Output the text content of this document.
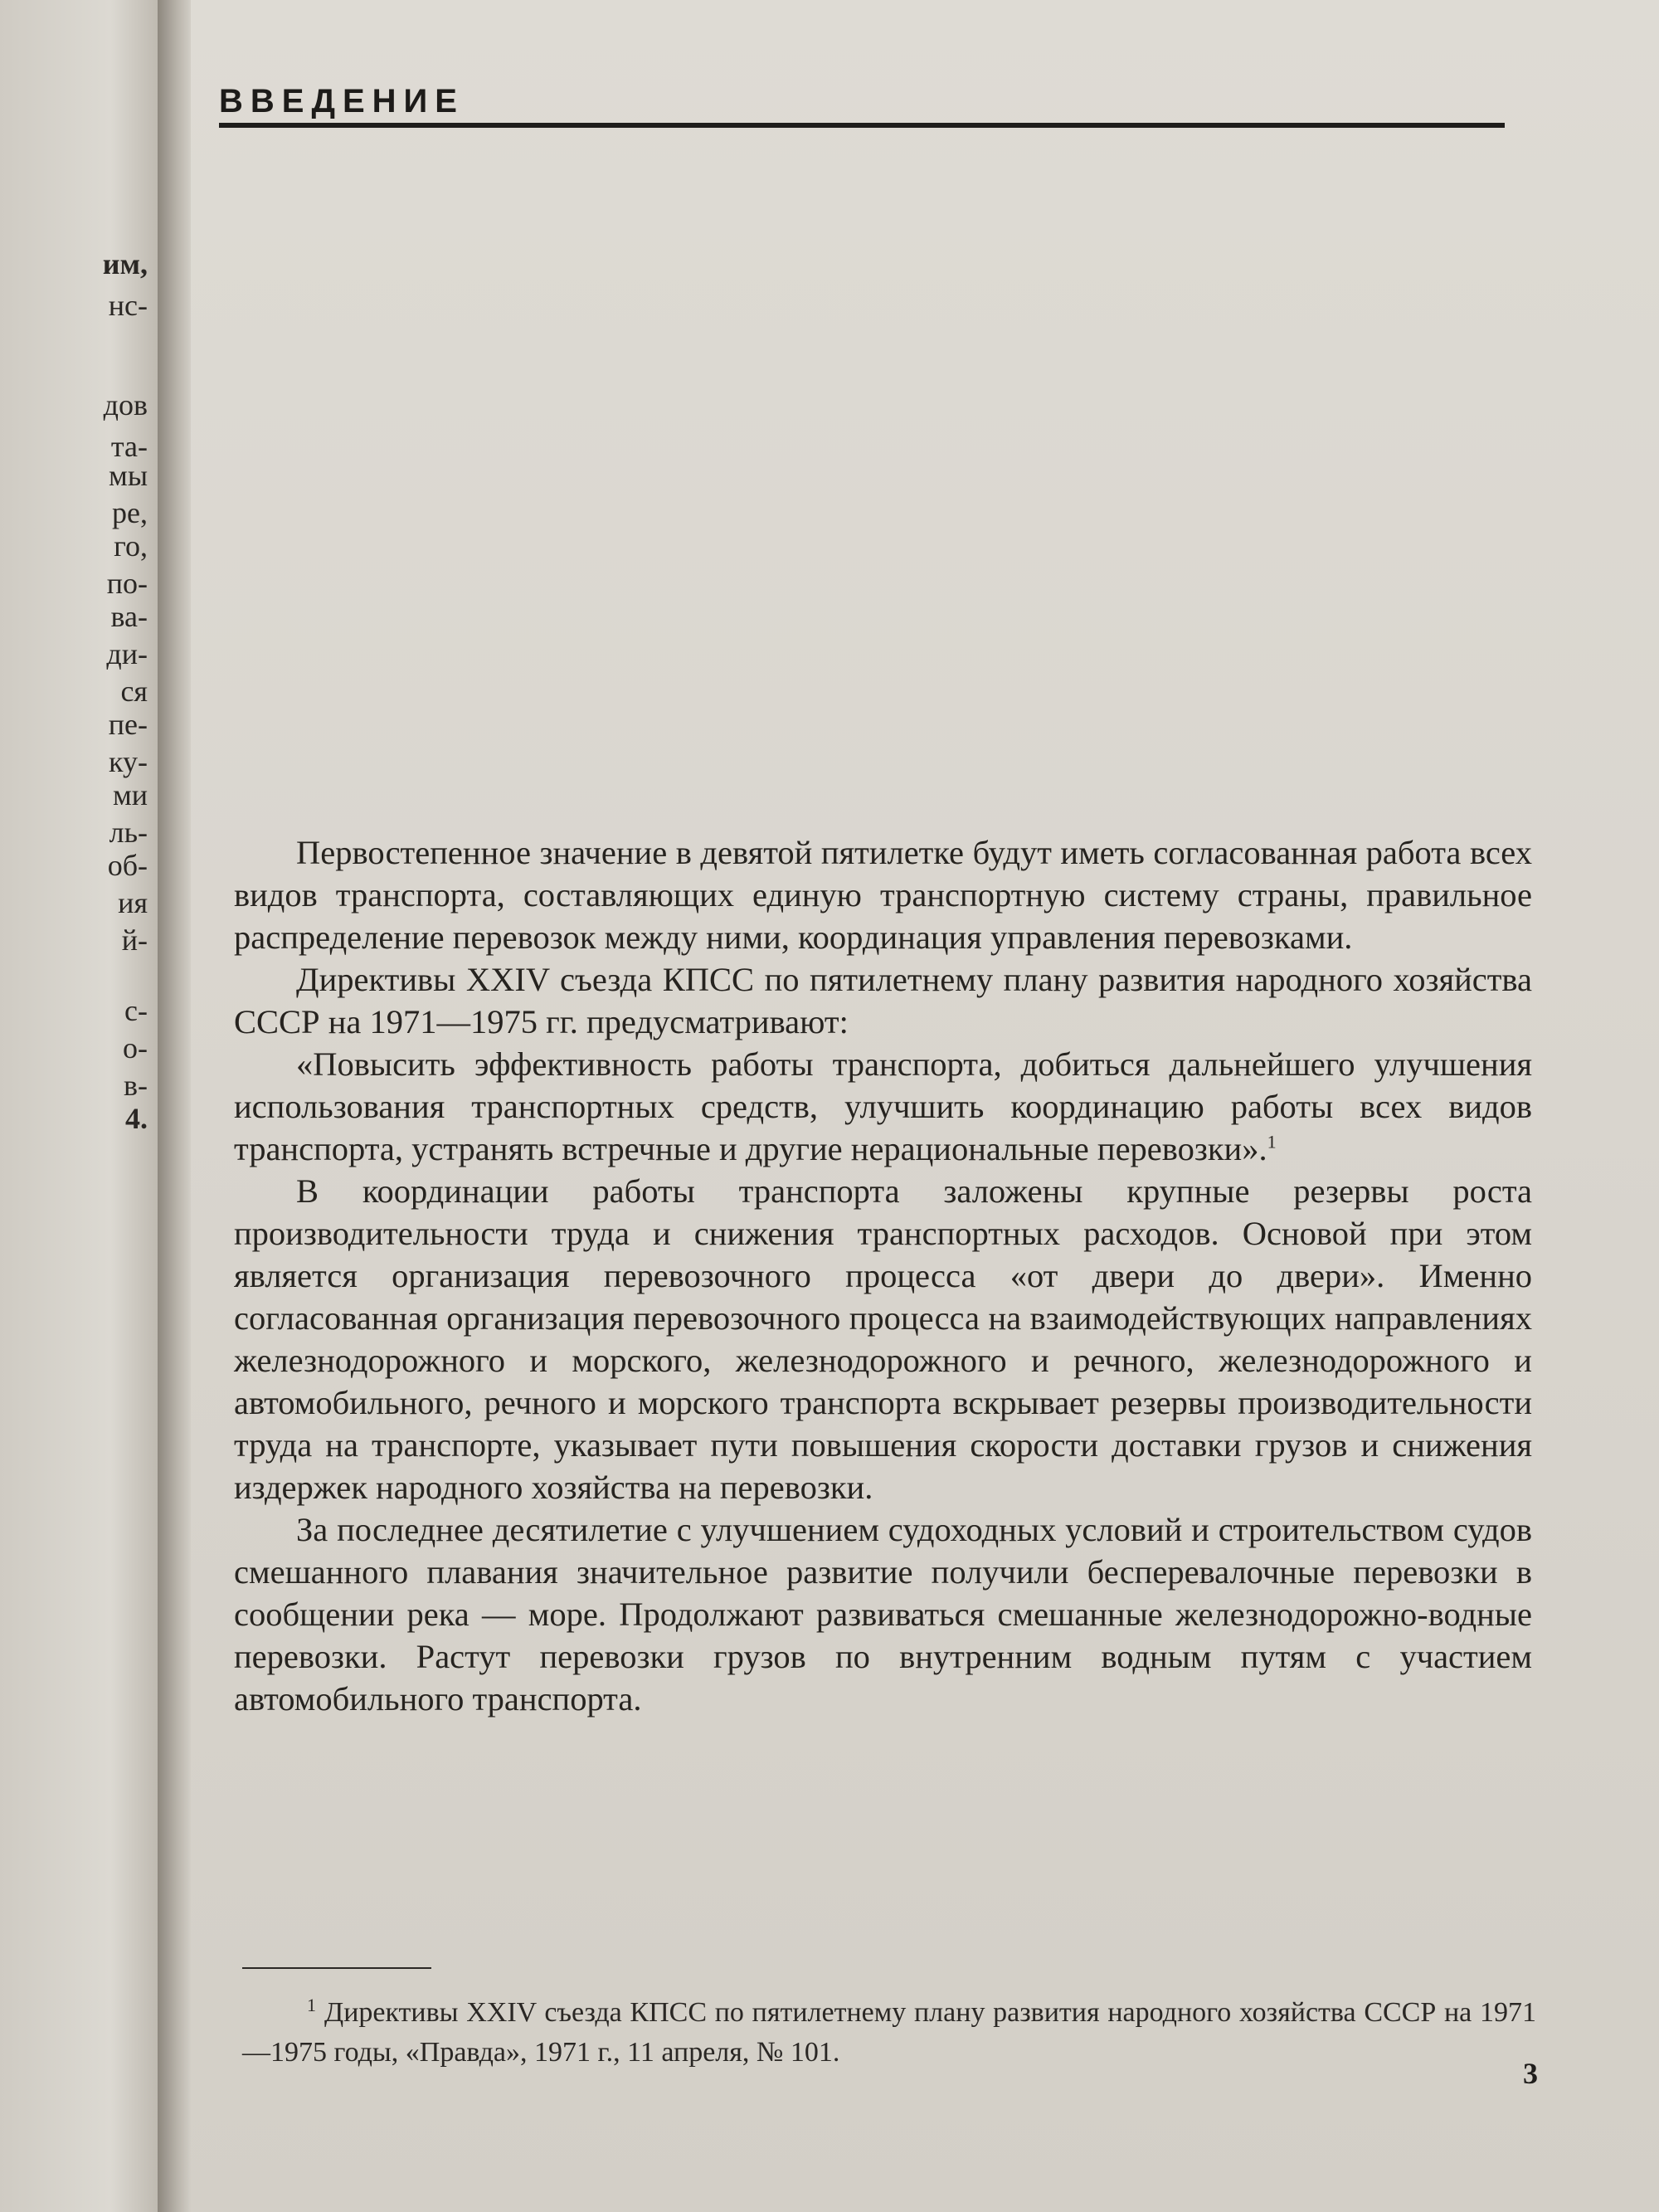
им,
нс-
дов
та-
мы
ре,
го,
по-
ва-
ди-
ся
пе-
ку-
ми
ль-
об-
ия
й-
с-
о-
в-
4.
ВВЕДЕНИЕ

Первостепенное значение в девятой пятилетке будут иметь согласованная работа всех видов транспорта, составляющих единую транспортную систему страны, правильное распределение перевозок между ними, координация управления перевозками.

Директивы XXIV съезда КПСС по пятилетнему плану развития народного хозяйства СССР на 1971—1975 гг. предусматривают:

«Повысить эффективность работы транспорта, добиться дальнейшего улучшения использования транспортных средств, улучшить координацию работы всех видов транспорта, устранять встречные и другие нерациональные перевозки».$^1$

В координации работы транспорта заложены крупные резервы роста производительности труда и снижения транспортных расходов. Основой при этом является организация перевозочного процесса «от двери до двери». Именно согласованная организация перевозочного процесса на взаимодействующих направлениях железнодорожного и морского, железнодорожного и речного, железнодорожного и автомобильного, речного и морского транспорта вскрывает резервы производительности труда на транспорте, указывает пути повышения скорости доставки грузов и снижения издержек народного хозяйства на перевозки.

За последнее десятилетие с улучшением судоходных условий и строительством судов смешанного плавания значительное развитие получили бесперевалочные перевозки в сообщении река — море. Продолжают развиваться смешанные железнодорожно-водные перевозки. Растут перевозки грузов по внутренним водным путям с участием автомобильного транспорта.

$^1$ Директивы XXIV съезда КПСС по пятилетнему плану развития народного хозяйства СССР на 1971—1975 годы, «Правда», 1971 г., 11 апреля, № 101.

3
